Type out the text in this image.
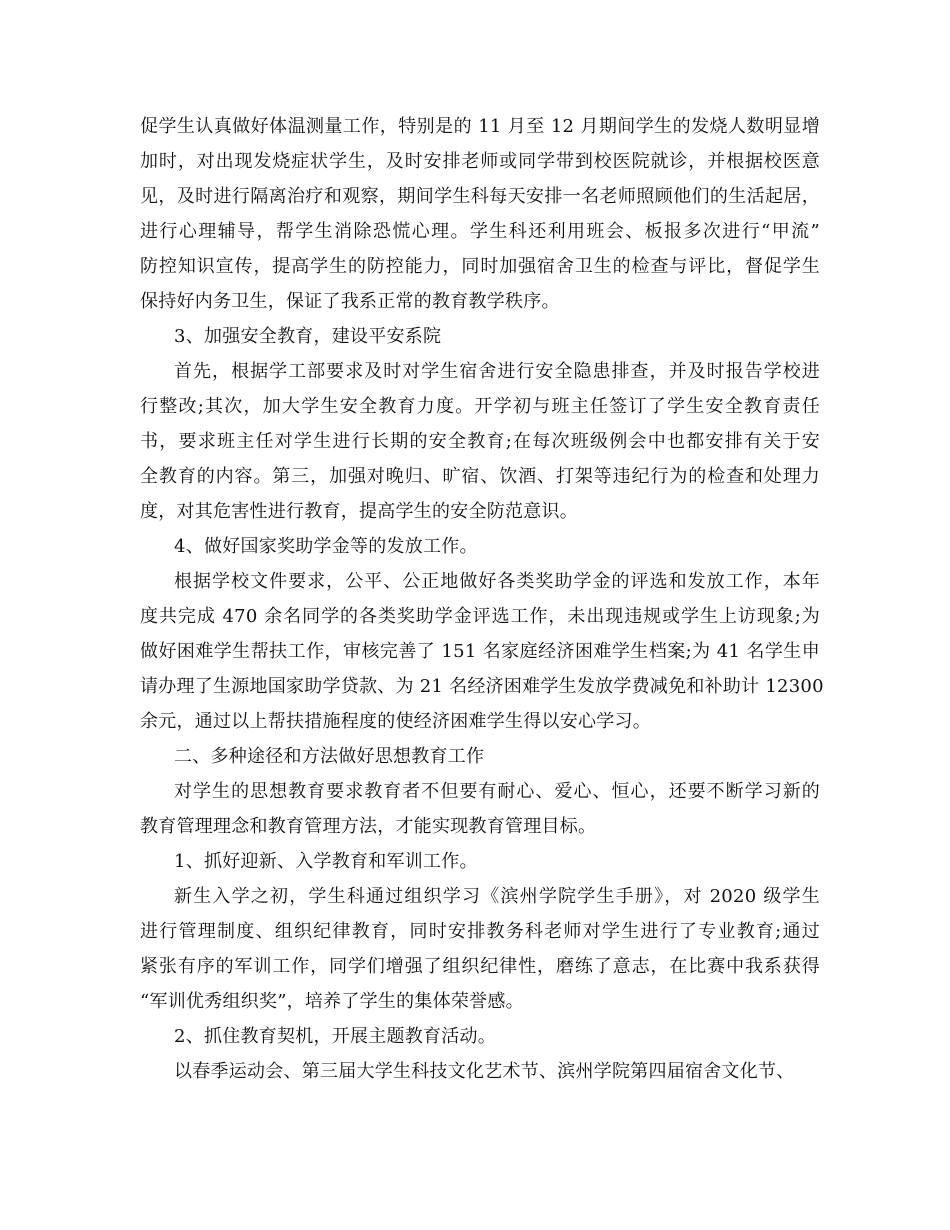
促学生认真做好体温测量工作，特别是的 11 月至 12 月期间学生的发烧人数明显增
加时，对出现发烧症状学生，及时安排老师或同学带到校医院就诊，并根据校医意
见，及时进行隔离治疗和观察，期间学生科每天安排一名老师照顾他们的生活起居，
进行心理辅导，帮学生消除恐慌心理。学生科还利用班会、板报多次进行“甲流”
防控知识宣传，提高学生的防控能力，同时加强宿舍卫生的检查与评比，督促学生
保持好内务卫生，保证了我系正常的教育教学秩序。
3、加强安全教育，建设平安系院
首先，根据学工部要求及时对学生宿舍进行安全隐患排查，并及时报告学校进
行整改;其次，加大学生安全教育力度。开学初与班主任签订了学生安全教育责任
书，要求班主任对学生进行长期的安全教育;在每次班级例会中也都安排有关于安
全教育的内容。第三，加强对晚归、旷宿、饮酒、打架等违纪行为的检查和处理力
度，对其危害性进行教育，提高学生的安全防范意识。
4、做好国家奖助学金等的发放工作。
根据学校文件要求，公平、公正地做好各类奖助学金的评选和发放工作，本年
度共完成 470 余名同学的各类奖助学金评选工作，未出现违规或学生上访现象;为
做好困难学生帮扶工作，审核完善了 151 名家庭经济困难学生档案;为 41 名学生申
请办理了生源地国家助学贷款、为 21 名经济困难学生发放学费减免和补助计 12300
余元，通过以上帮扶措施程度的使经济困难学生得以安心学习。
二、多种途径和方法做好思想教育工作
对学生的思想教育要求教育者不但要有耐心、爱心、恒心，还要不断学习新的
教育管理理念和教育管理方法，才能实现教育管理目标。
1、抓好迎新、入学教育和军训工作。
新生入学之初，学生科通过组织学习《滨州学院学生手册》，对 2020 级学生
进行管理制度、组织纪律教育，同时安排教务科老师对学生进行了专业教育;通过
紧张有序的军训工作，同学们增强了组织纪律性，磨练了意志，在比赛中我系获得
“军训优秀组织奖”，培养了学生的集体荣誉感。
2、抓住教育契机，开展主题教育活动。
以春季运动会、第三届大学生科技文化艺术节、滨州学院第四届宿舍文化节、
